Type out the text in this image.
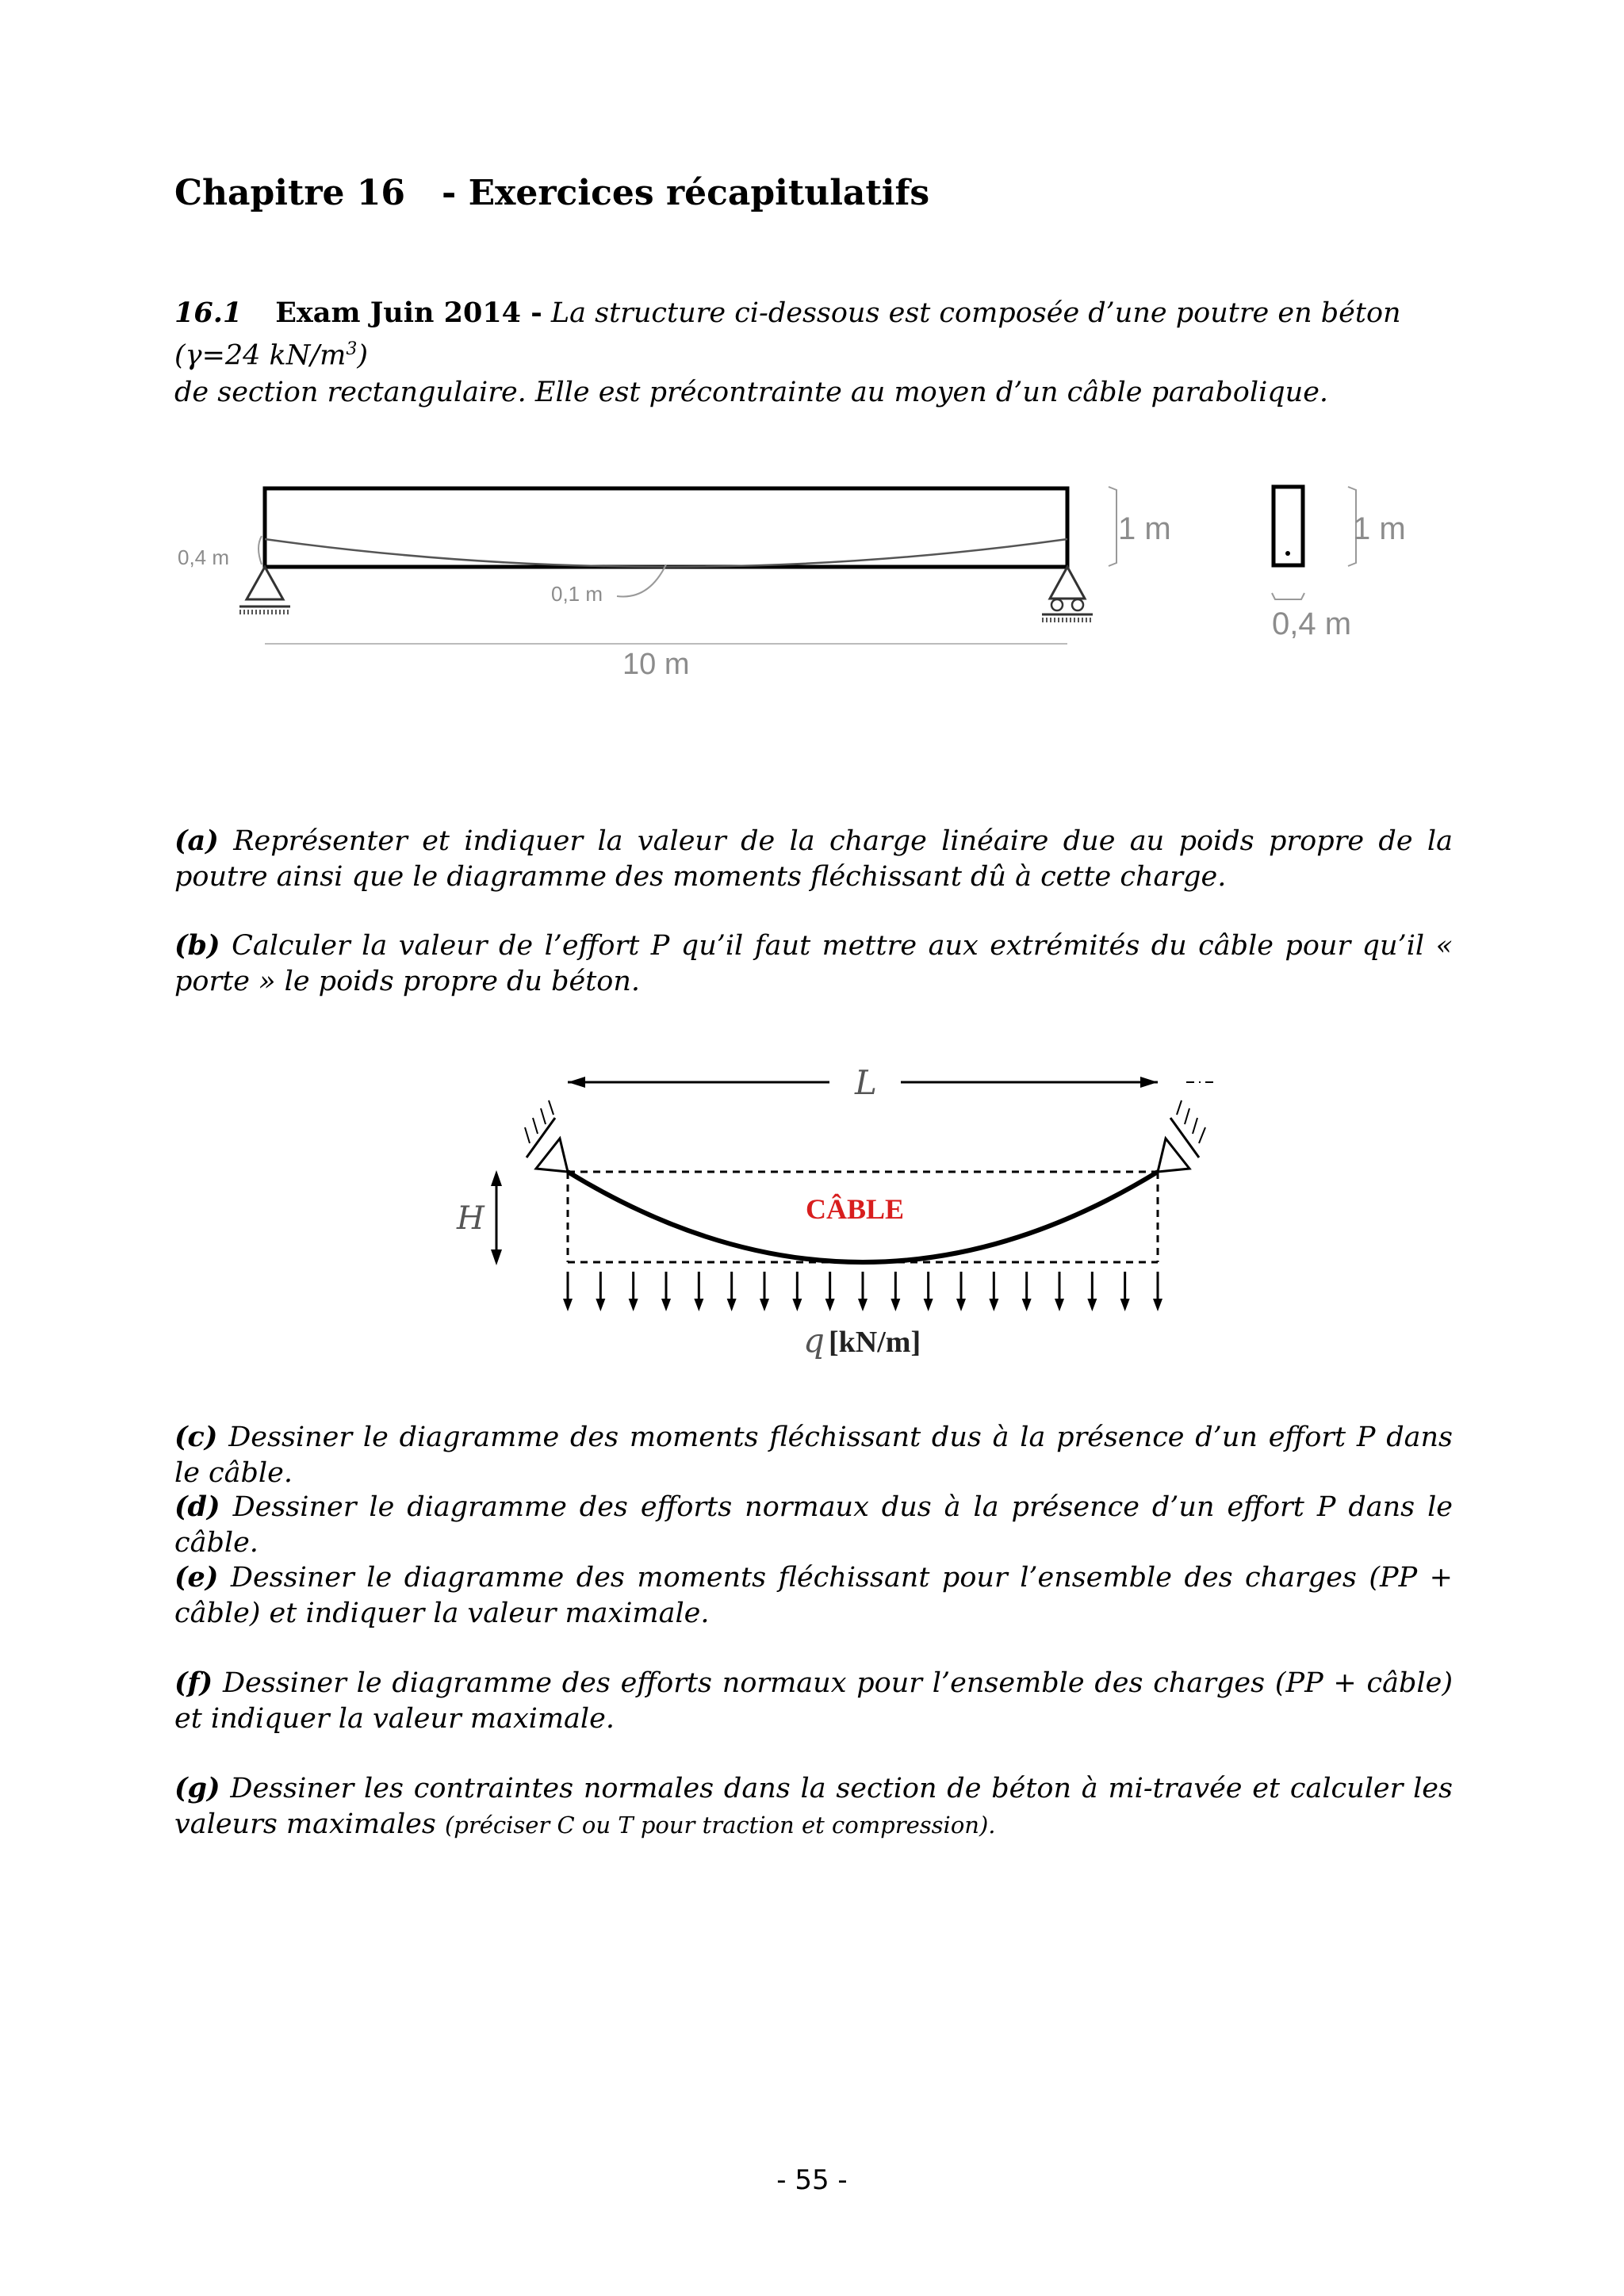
Chapitre 16 - Exercices récapitulatifs
16.1 Exam Juin 2014 - La structure ci-dessous est composée d’une poutre en béton (γ=24 $kN/m^3$)
de section rectangulaire. Elle est précontrainte au moyen d’un câble parabolique.
0,4 m
0,1 m
10 m
1 m	1 m
0,4 m

(a) Représenter et indiquer la valeur de la charge linéaire due au poids propre de la poutre ainsi que le diagramme des moments fléchissant dû à cette charge.

(b) Calculer la valeur de l’effort P qu’il faut mettre aux extrémités du câble pour qu’il « porte » le poids propre du béton.

L
CÂBLE
H
q [kN/m]

(c) Dessiner le diagramme des moments fléchissant dus à la présence d’un effort P dans le câble.

(d) Dessiner le diagramme des efforts normaux dus à la présence d’un effort P dans le câble.

(e) Dessiner le diagramme des moments fléchissant pour l’ensemble des charges (PP + câble) et indiquer la valeur maximale.

(f) Dessiner le diagramme des efforts normaux pour l’ensemble des charges (PP + câble) et indiquer la valeur maximale.

(g) Dessiner les contraintes normales dans la section de béton à mi-travée et calculer les valeurs maximales (préciser C ou T pour traction et compression).

- 55 -
